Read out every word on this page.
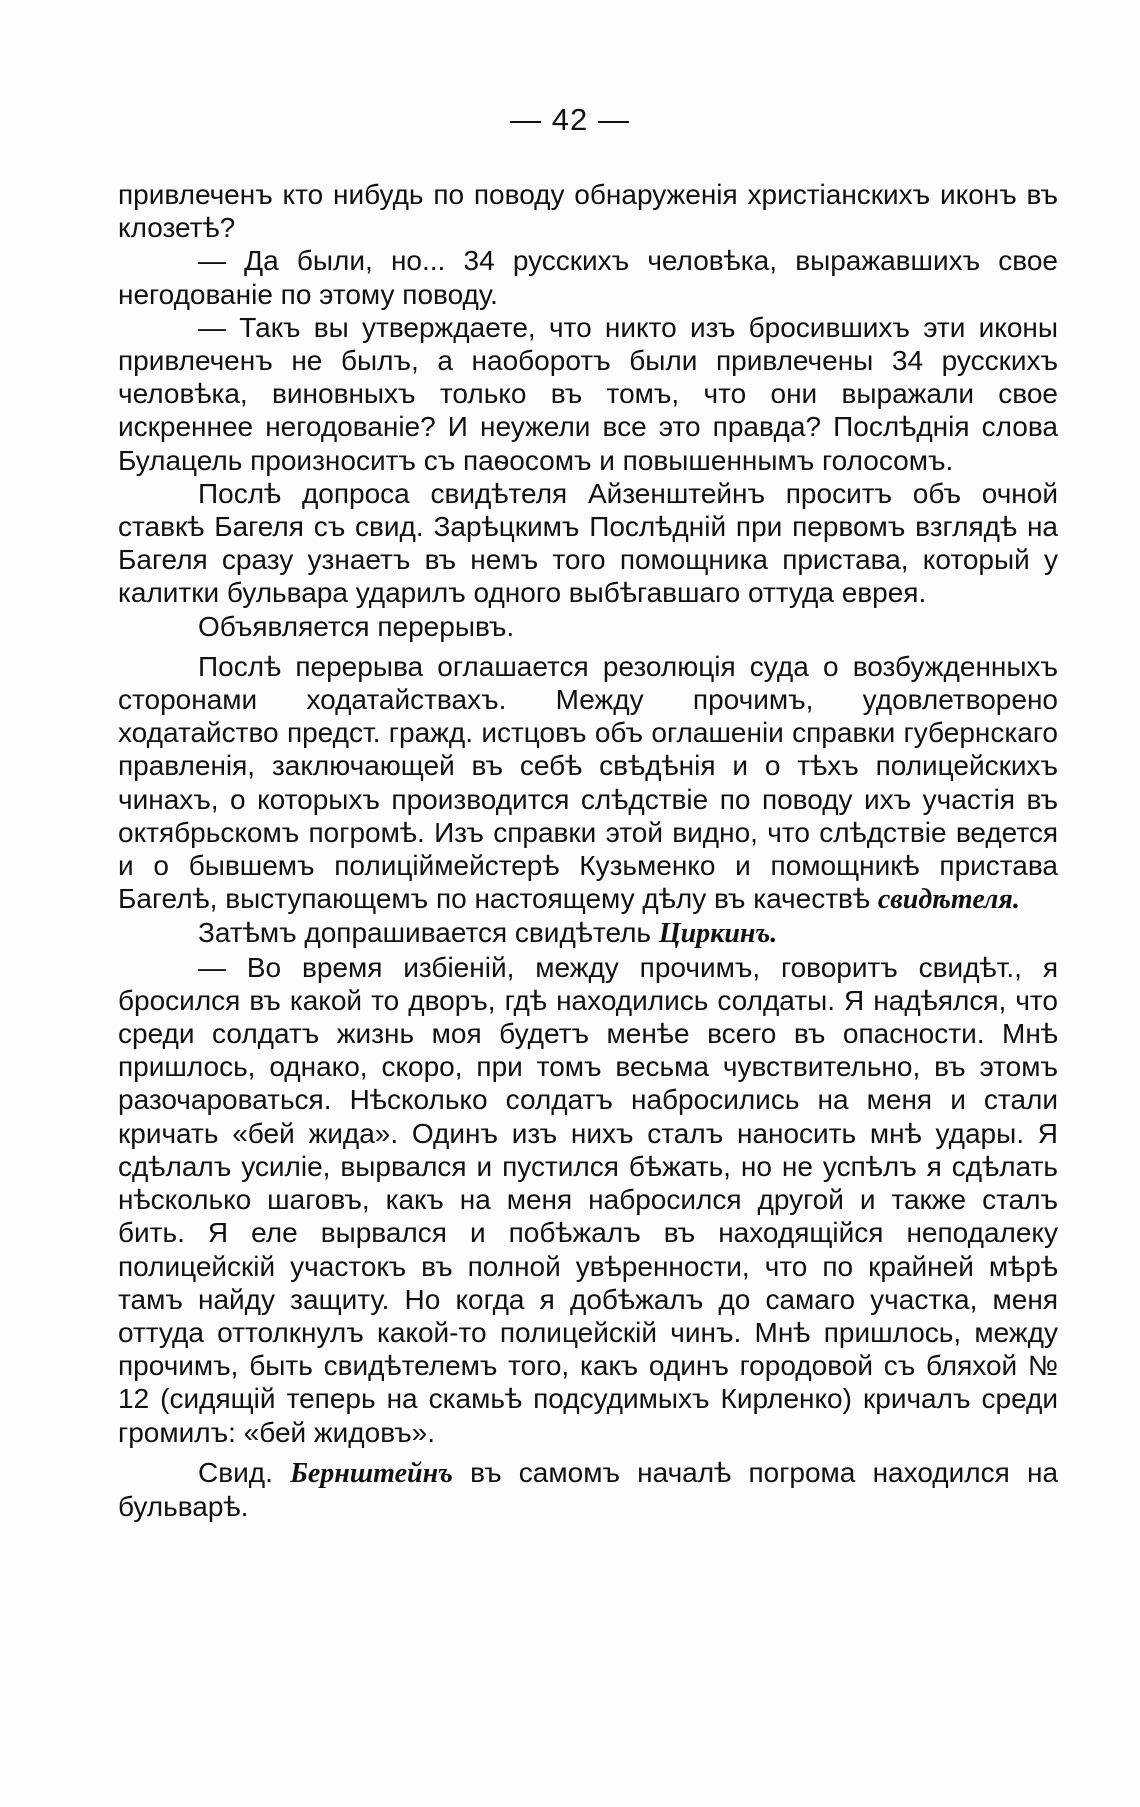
— 42 —

привлеченъ кто нибудь по поводу обнаруженія христіанскихъ иконъ въ клозетѣ?

— Да были, но... 34 русскихъ человѣка, выражавшихъ свое негодованіе по этому поводу.

— Такъ вы утверждаете, что никто изъ бросившихъ эти иконы привлеченъ не былъ, а наоборотъ были привлечены 34 русскихъ человѣка, виновныхъ только въ томъ, что они выражали свое искреннее негодованіе? И неужели все это правда? Послѣднія слова Булацель произноситъ съ паѳосомъ и повышеннымъ голосомъ.

Послѣ допроса свидѣтеля Айзенштейнъ проситъ объ очной ставкѣ Багеля съ свид. Зарѣцкимъ Послѣдній при первомъ взглядѣ на Багеля сразу узнаетъ въ немъ того помощника пристава, который у калитки бульвара ударилъ одного выбѣгавшаго оттуда еврея.

Объявляется перерывъ.

Послѣ перерыва оглашается резолюція суда о возбужденныхъ сторонами ходатайствахъ. Между прочимъ, удовлетворено ходатайство предст. гражд. истцовъ объ оглашеніи справки губернскаго правленія, заключающей въ себѣ свѣдѣнія и о тѣхъ полицейскихъ чинахъ, о которыхъ производится слѣдствіе по поводу ихъ участія въ октябрьскомъ погромѣ. Изъ справки этой видно, что слѣдствіе ведется и о бывшемъ полиціймейстерѣ Кузьменко и помощникѣ пристава Багелѣ, выступающемъ по настоящему дѣлу въ качествѣ свидѣтеля.

Затѣмъ допрашивается свидѣтель Циркинъ.

— Во время избіеній, между прочимъ, говоритъ свидѣт., я бросился въ какой то дворъ, гдѣ находились солдаты. Я надѣялся, что среди солдатъ жизнь моя будетъ менѣе всего въ опасности. Мнѣ пришлось, однако, скоро, при томъ весьма чувствительно, въ этомъ разочароваться. Нѣсколько солдатъ набросились на меня и стали кричать «бей жида». Одинъ изъ нихъ сталъ наносить мнѣ удары. Я сдѣлалъ усиліе, вырвался и пустился бѣжать, но не успѣлъ я сдѣлать нѣсколько шаговъ, какъ на меня набросился другой и также сталъ бить. Я еле вырвался и побѣжалъ въ находящійся неподалеку полицейскій участокъ въ полной увѣренности, что по крайней мѣрѣ тамъ найду защиту. Но когда я добѣжалъ до самаго участка, меня оттуда оттолкнулъ какой-то полицейскій чинъ. Мнѣ пришлось, между прочимъ, быть свидѣтелемъ того, какъ одинъ городовой съ бляхой № 12 (сидящій теперь на скамьѣ подсудимыхъ Кирленко) кричалъ среди громилъ: «бей жидовъ».

Свид. Бернштейнъ въ самомъ началѣ погрома находился на бульварѣ.
